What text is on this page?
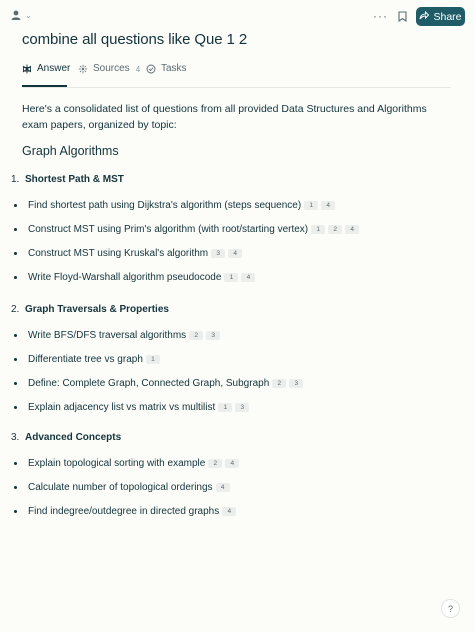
⌄	···	Share
combine all questions like Que 1 2
Answer Sources 4 Tasks
Here's a consolidated list of questions from all provided Data Structures and Algorithms exam papers, organized by topic:
Graph Algorithms
1. Shortest Path & MST
Find shortest path using Dijkstra's algorithm (steps sequence)	1	4
Construct MST using Prim's algorithm (with root/starting vertex)	1	2	4
Construct MST using Kruskal's algorithm	3	4
Write Floyd-Warshall algorithm pseudocode	1	4
2. Graph Traversals & Properties
Write BFS/DFS traversal algorithms	2	3
Differentiate tree vs graph	1
Define: Complete Graph, Connected Graph, Subgraph	2	3
Explain adjacency list vs matrix vs multilist	1	3
3. Advanced Concepts
Explain topological sorting with example	2	4
Calculate number of topological orderings	4
Find indegree/outdegree in directed graphs	4
?
